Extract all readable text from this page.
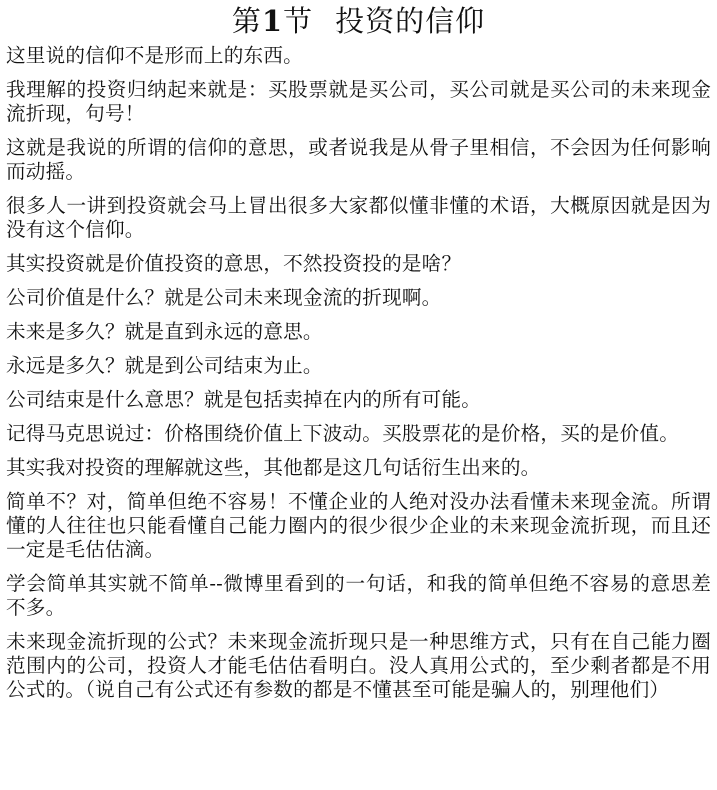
第1节 投资的信仰

这里说的信仰不是形而上的东西。

我理解的投资归纳起来就是：买股票就是买公司，买公司就是买公司的未来现金流折现，句号！

这就是我说的所谓的信仰的意思，或者说我是从骨子里相信，不会因为任何影响而动摇。

很多人一讲到投资就会马上冒出很多大家都似懂非懂的术语，大概原因就是因为没有这个信仰。

其实投资就是价值投资的意思，不然投资投的是啥？

公司价值是什么？就是公司未来现金流的折现啊。

未来是多久？就是直到永远的意思。

永远是多久？就是到公司结束为止。

公司结束是什么意思？就是包括卖掉在内的所有可能。

记得马克思说过：价格围绕价值上下波动。买股票花的是价格，买的是价值。

其实我对投资的理解就这些，其他都是这几句话衍生出来的。

简单不？对，简单但绝不容易！不懂企业的人绝对没办法看懂未来现金流。所谓懂的人往往也只能看懂自己能力圈内的很少很少企业的未来现金流折现，而且还一定是毛估估滴。

学会简单其实就不简单--微博里看到的一句话，和我的简单但绝不容易的意思差不多。

未来现金流折现的公式？未来现金流折现只是一种思维方式，只有在自己能力圈范围内的公司，投资人才能毛估估看明白。没人真用公式的，至少剩者都是不用公式的。（说自己有公式还有参数的都是不懂甚至可能是骗人的，别理他们）
